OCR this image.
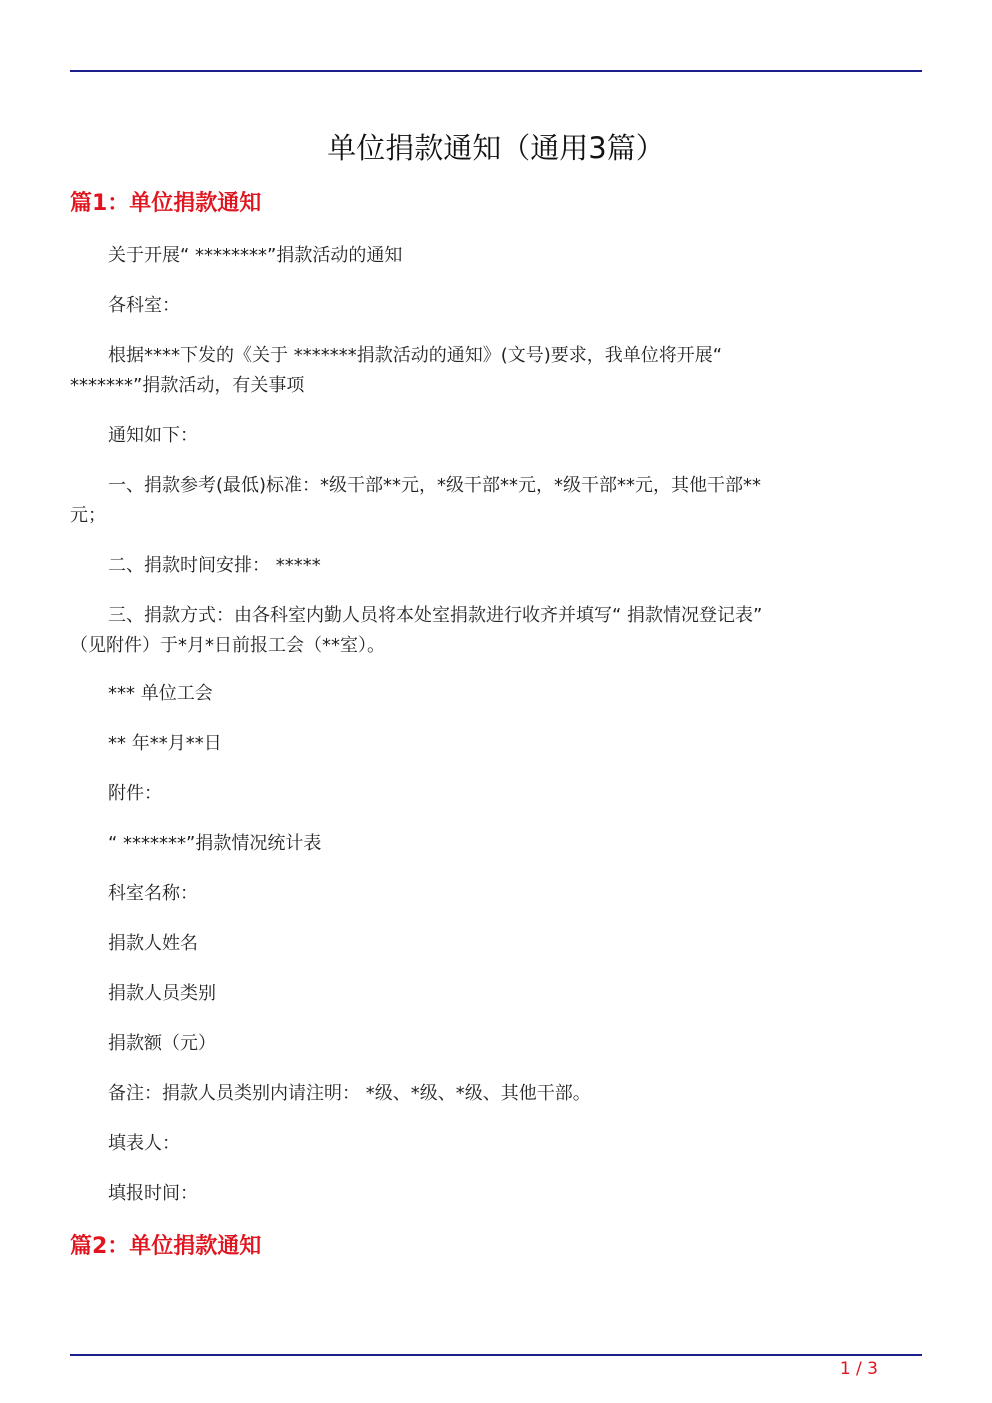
单位捐款通知（通用3篇）
篇1：单位捐款通知

关于开展“ ********”捐款活动的通知

各科室：

根据****下发的《关于 *******捐款活动的通知》(文号)要求，我单位将开展“ *******”捐款活动，有关事项

通知如下：

一、捐款参考(最低)标准：*级干部**元，*级干部**元，*级干部**元，其他干部**元；

二、捐款时间安排： *****

三、捐款方式：由各科室内勤人员将本处室捐款进行收齐并填写“ 捐款情况登记表” （见附件）于*月*日前报工会（**室）。

*** 单位工会

** 年**月**日

附件：

“ *******”捐款情况统计表

科室名称：

捐款人姓名

捐款人员类别

捐款额（元）

备注：捐款人员类别内请注明： *级、*级、*级、其他干部。

填表人：

填报时间：

篇2：单位捐款通知
1 / 3
